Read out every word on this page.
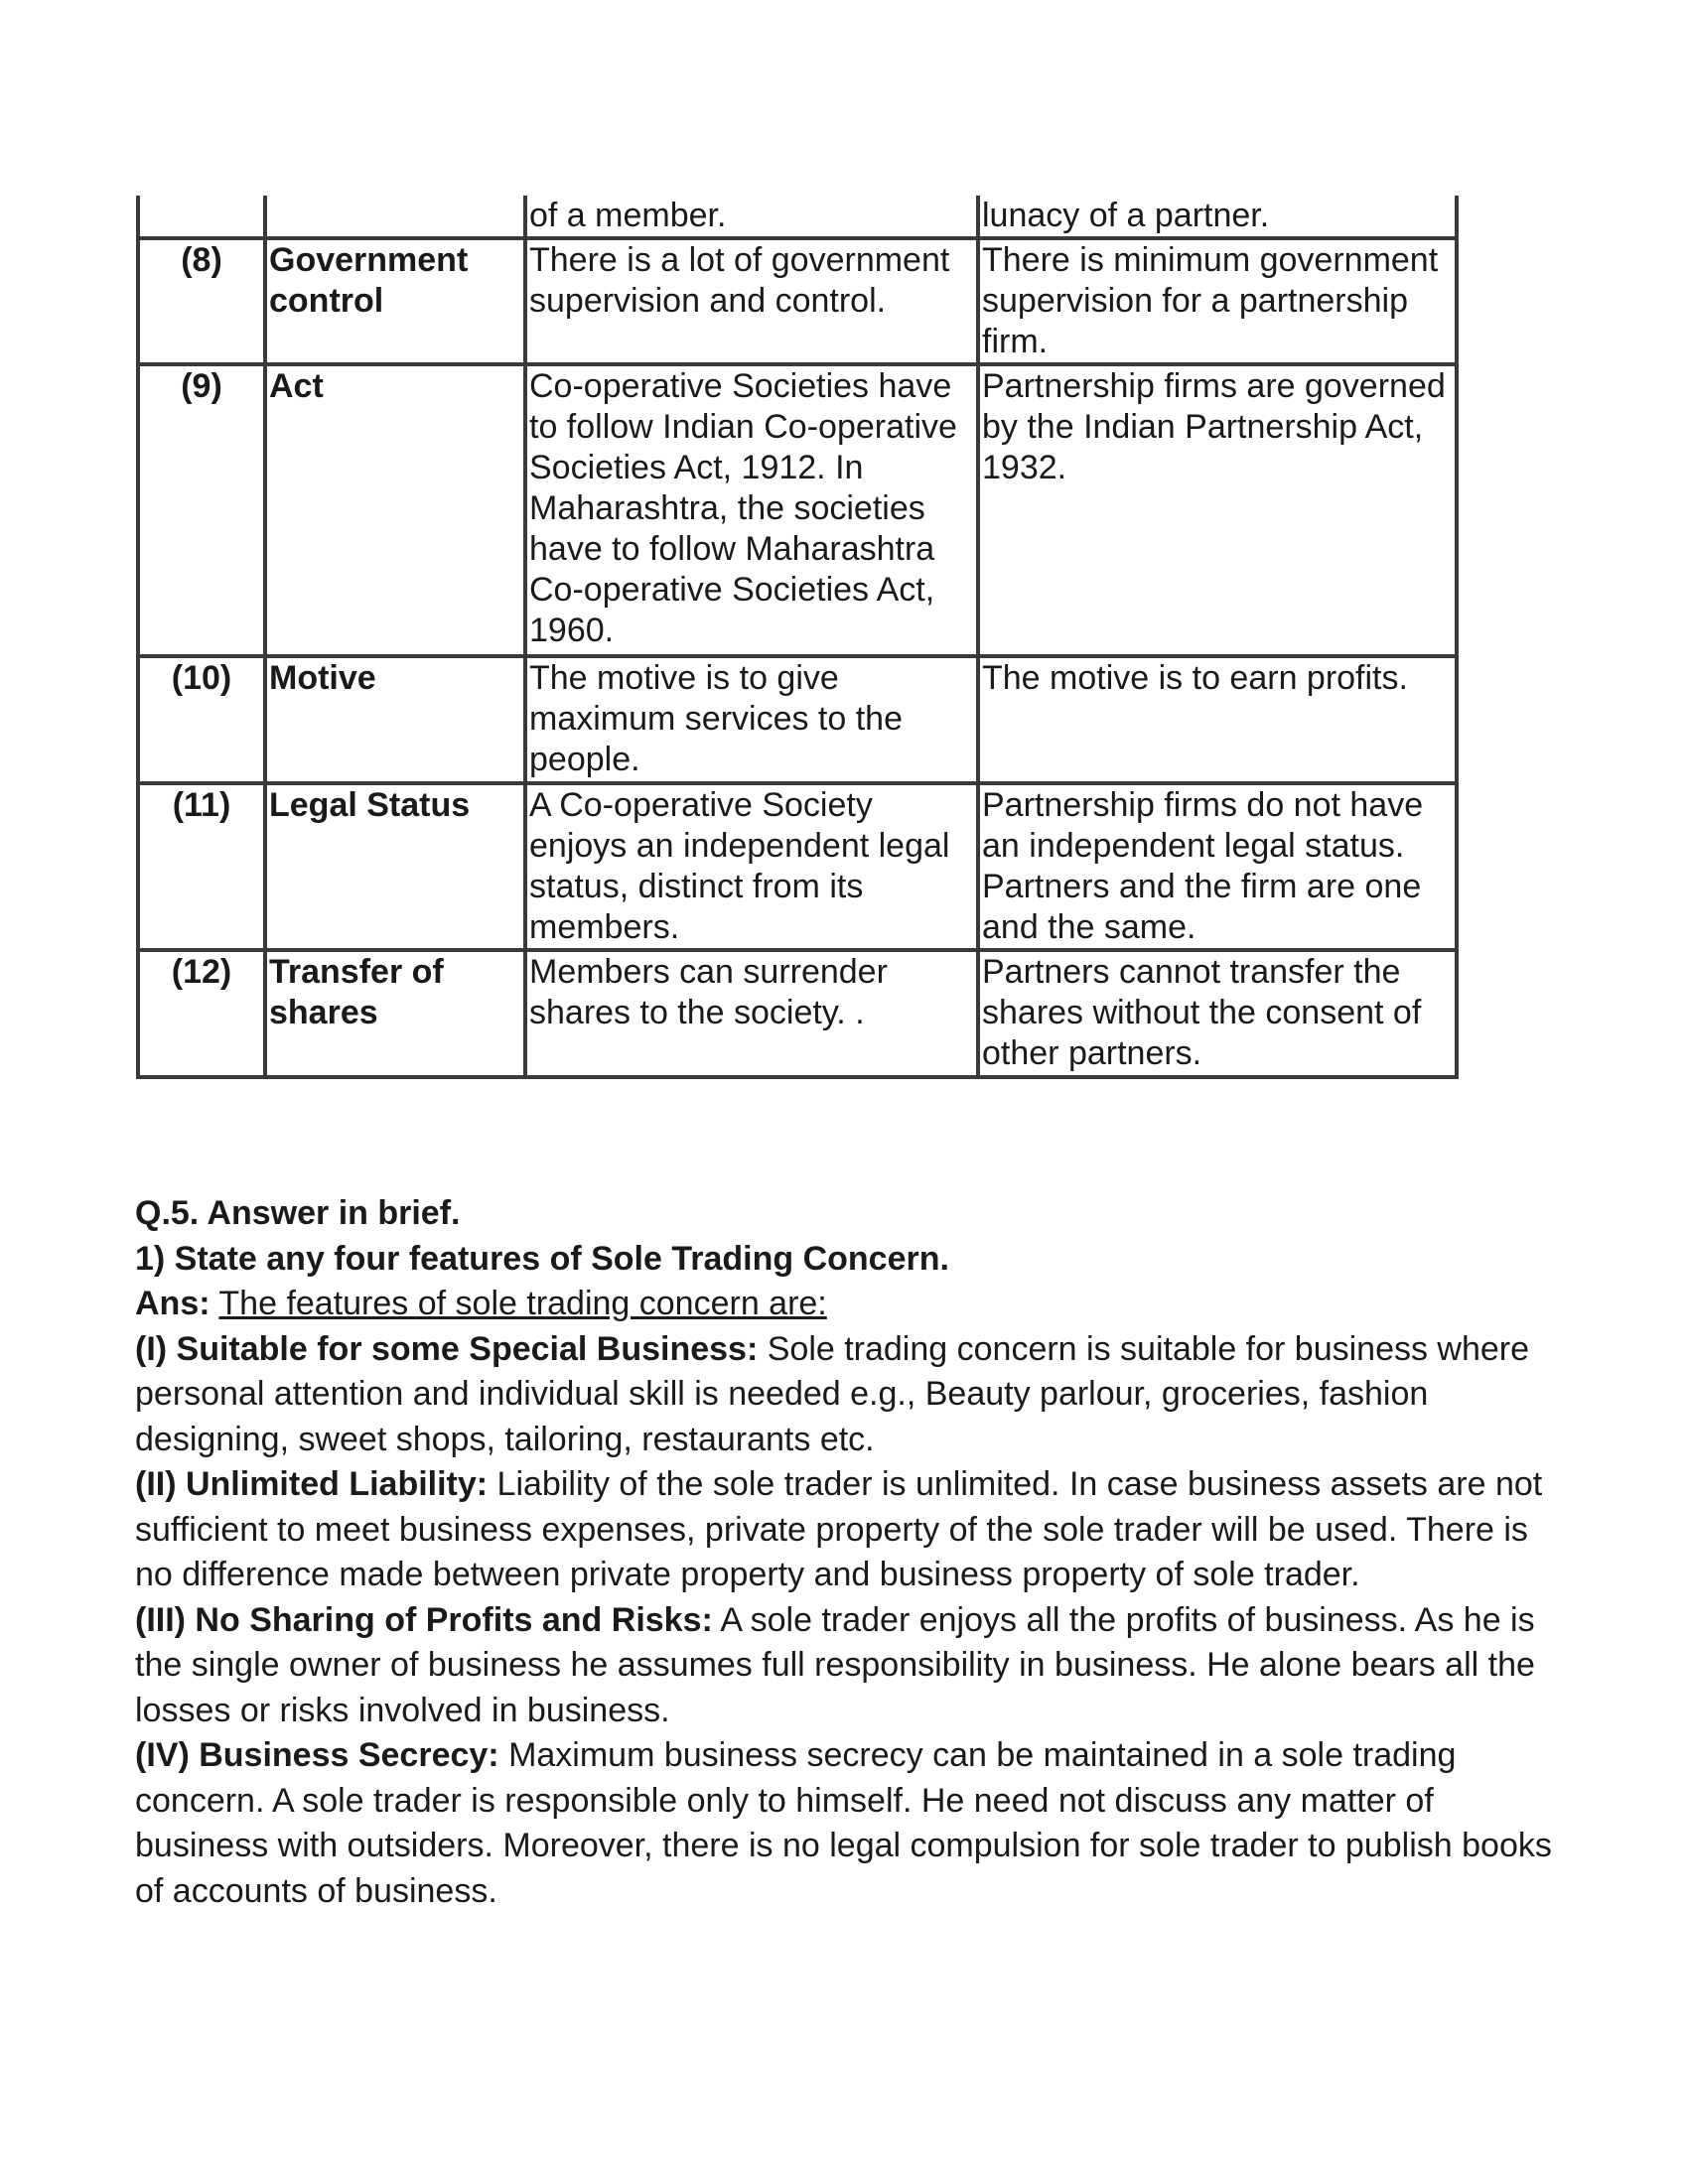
		of a member.	lunacy of a partner.
(8)	Government control	There is a lot of government supervision and control.	There is minimum government supervision for a partnership firm.
(9)	Act	Co-operative Societies have to follow Indian Co-operative Societies Act, 1912. In Maharashtra, the societies have to follow Maharashtra Co-operative Societies Act, 1960.	Partnership firms are governed by the Indian Partnership Act, 1932.
(10)	Motive	The motive is to give maximum services to the people.	The motive is to earn profits.
(11)	Legal Status	A Co-operative Society enjoys an independent legal status, distinct from its members.	Partnership firms do not have an independent legal status. Partners and the firm are one and the same.
(12)	Transfer of shares	Members can surrender shares to the society. .	Partners cannot transfer the shares without the consent of other partners.

Q.5. Answer in brief.

1) State any four features of Sole Trading Concern.

Ans: The features of sole trading concern are:

(I) Suitable for some Special Business: Sole trading concern is suitable for business where personal attention and individual skill is needed e.g., Beauty parlour, groceries, fashion designing, sweet shops, tailoring, restaurants etc.

(II) Unlimited Liability: Liability of the sole trader is unlimited. In case business assets are not sufficient to meet business expenses, private property of the sole trader will be used. There is no difference made between private property and business property of sole trader.

(III) No Sharing of Profits and Risks: A sole trader enjoys all the profits of business. As he is the single owner of business he assumes full responsibility in business. He alone bears all the losses or risks involved in business.

(IV) Business Secrecy: Maximum business secrecy can be maintained in a sole trading concern. A sole trader is responsible only to himself. He need not discuss any matter of business with outsiders. Moreover, there is no legal compulsion for sole trader to publish books of accounts of business.
